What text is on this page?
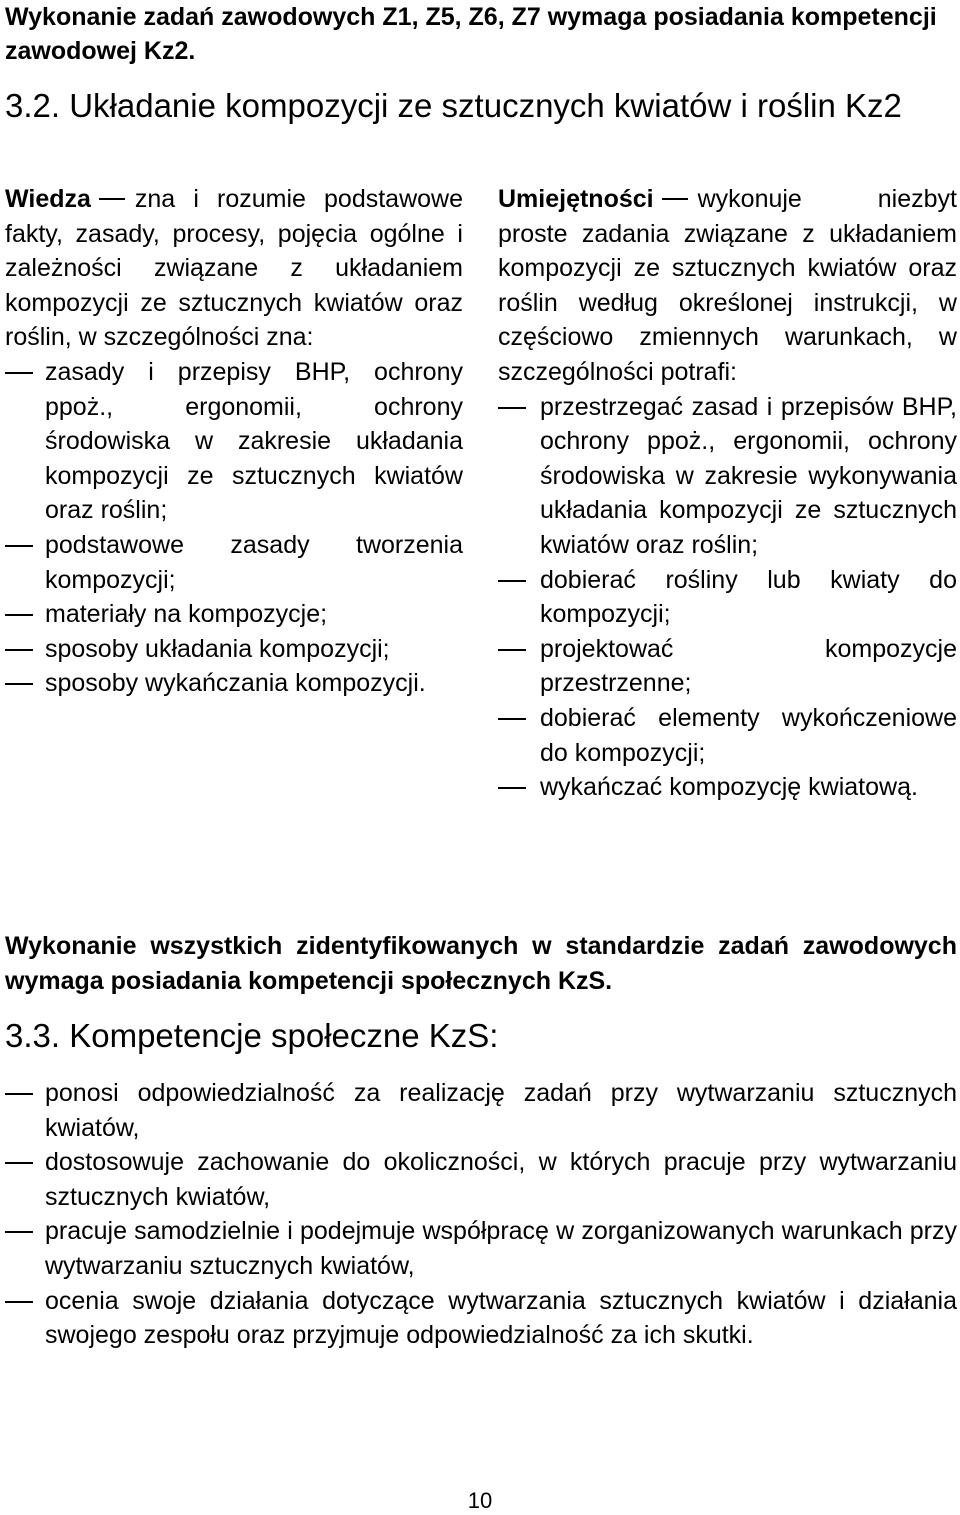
Wykonanie zadań zawodowych Z1, Z5, Z6, Z7 wymaga posiadania kompetencji zawodowej Kz2.
3.2. Układanie kompozycji ze sztucznych kwiatów i roślin Kz2
Wiedza zna i rozumie podstawowe fakty, zasady, procesy, pojęcia ogólne i zależności związane z układaniem kompozycji ze sztucznych kwiatów oraz roślin, w szczególności zna:
zasady i przepisy BHP, ochrony ppoż., ergonomii, ochrony środowiska w zakresie układania kompozycji ze sztucznych kwiatów oraz roślin;
podstawowe zasady tworzenia kompozycji;
materiały na kompozycje;
sposoby układania kompozycji;
sposoby wykańczania kompozycji.
Umiejętności wykonuje niezbyt proste zadania związane z układaniem kompozycji ze sztucznych kwiatów oraz roślin według określonej instrukcji, w częściowo zmiennych warunkach, w szczególności potrafi:
przestrzegać zasad i przepisów BHP, ochrony ppoż., ergonomii, ochrony środowiska w zakresie wykonywania układania kompozycji ze sztucznych kwiatów oraz roślin;
dobierać rośliny lub kwiaty do kompozycji;
projektować kompozycje przestrzenne;
dobierać elementy wykończeniowe do kompozycji;
wykańczać kompozycję kwiatową.
Wykonanie wszystkich zidentyfikowanych w standardzie zadań zawodowych wymaga posiadania kompetencji społecznych KzS.
3.3. Kompetencje społeczne KzS:
ponosi odpowiedzialność za realizację zadań przy wytwarzaniu sztucznych kwiatów,
dostosowuje zachowanie do okoliczności, w których pracuje przy wytwarzaniu sztucznych kwiatów,
pracuje samodzielnie i podejmuje współpracę w zorganizowanych warunkach przy wytwarzaniu sztucznych kwiatów,
ocenia swoje działania dotyczące wytwarzania sztucznych kwiatów i działania swojego zespołu oraz przyjmuje odpowiedzialność za ich skutki.
10
